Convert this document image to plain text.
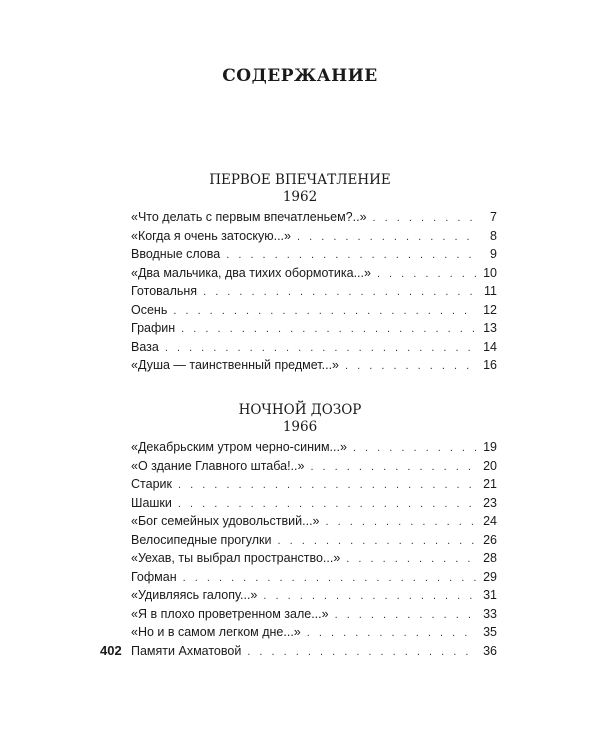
СОДЕРЖАНИЕ
ПЕРВОЕ ВПЕЧАТЛЕНИЕ
1962
«Что делать с первым впечатленьем?..» . . .	7
«Когда я очень затоскую...» . . .	8
Вводные слова . . .	9
«Два мальчика, два тихих обормотика...» . . .	10
Готовальня . . .	11
Осень . . .	12
Графин . . .	13
Ваза . . .	14
«Душа — таинственный предмет...» . . .	16
НОЧНОЙ ДОЗОР
1966
«Декабрьским утром черно-синим...» . . .	19
«О здание Главного штаба!..» . . .	20
Старик . . .	21
Шашки . . .	23
«Бог семейных удовольствий...» . . .	24
Велосипедные прогулки . . .	26
«Уехав, ты выбрал пространство...» . . .	28
Гофман . . .	29
«Удивляясь галопу...» . . .	31
«Я в плохо проветренном зале...» . . .	33
«Но и в самом легком дне...» . . .	35
Памяти Ахматовой . . .	36
402
